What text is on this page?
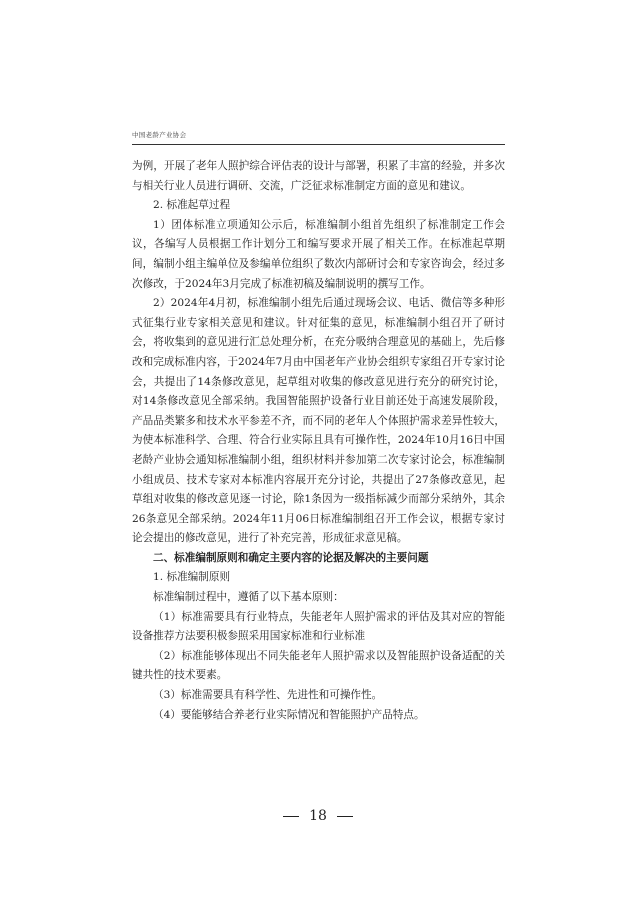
中国老龄产业协会

为例，开展了老年人照护综合评估表的设计与部署，积累了丰富的经验，并多次与相关行业人员进行调研、交流，广泛征求标准制定方面的意见和建议。

2. 标准起草过程

1）团体标准立项通知公示后，标准编制小组首先组织了标准制定工作会议，各编写人员根据工作计划分工和编写要求开展了相关工作。在标准起草期间，编制小组主编单位及参编单位组织了数次内部研讨会和专家咨询会，经过多次修改，于2024年3月完成了标准初稿及编制说明的撰写工作。

2）2024年4月初，标准编制小组先后通过现场会议、电话、微信等多种形式征集行业专家相关意见和建议。针对征集的意见，标准编制小组召开了研讨会，将收集到的意见进行汇总处理分析，在充分吸纳合理意见的基础上，先后修改和完成标准内容，于2024年7月由中国老年产业协会组织专家组召开专家讨论会，共提出了14条修改意见，起草组对收集的修改意见进行充分的研究讨论，对14条修改意见全部采纳。我国智能照护设备行业目前还处于高速发展阶段，产品品类繁多和技术水平参差不齐，而不同的老年人个体照护需求差异性较大，为使本标准科学、合理、符合行业实际且具有可操作性，2024年10月16日中国老龄产业协会通知标准编制小组，组织材料并参加第二次专家讨论会，标准编制小组成员、技术专家对本标准内容展开充分讨论，共提出了27条修改意见，起草组对收集的修改意见逐一讨论，除1条因为一级指标减少而部分采纳外，其余26条意见全部采纳。2024年11月06日标准编制组召开工作会议，根据专家讨论会提出的修改意见，进行了补充完善，形成征求意见稿。

二、标准编制原则和确定主要内容的论据及解决的主要问题

1. 标准编制原则

标准编制过程中，遵循了以下基本原则：

（1）标准需要具有行业特点，失能老年人照护需求的评估及其对应的智能设备推荐方法要积极参照采用国家标准和行业标准

（2）标准能够体现出不同失能老年人照护需求以及智能照护设备适配的关键共性的技术要素。

（3）标准需要具有科学性、先进性和可操作性。

（4）要能够结合养老行业实际情况和智能照护产品特点。

18
